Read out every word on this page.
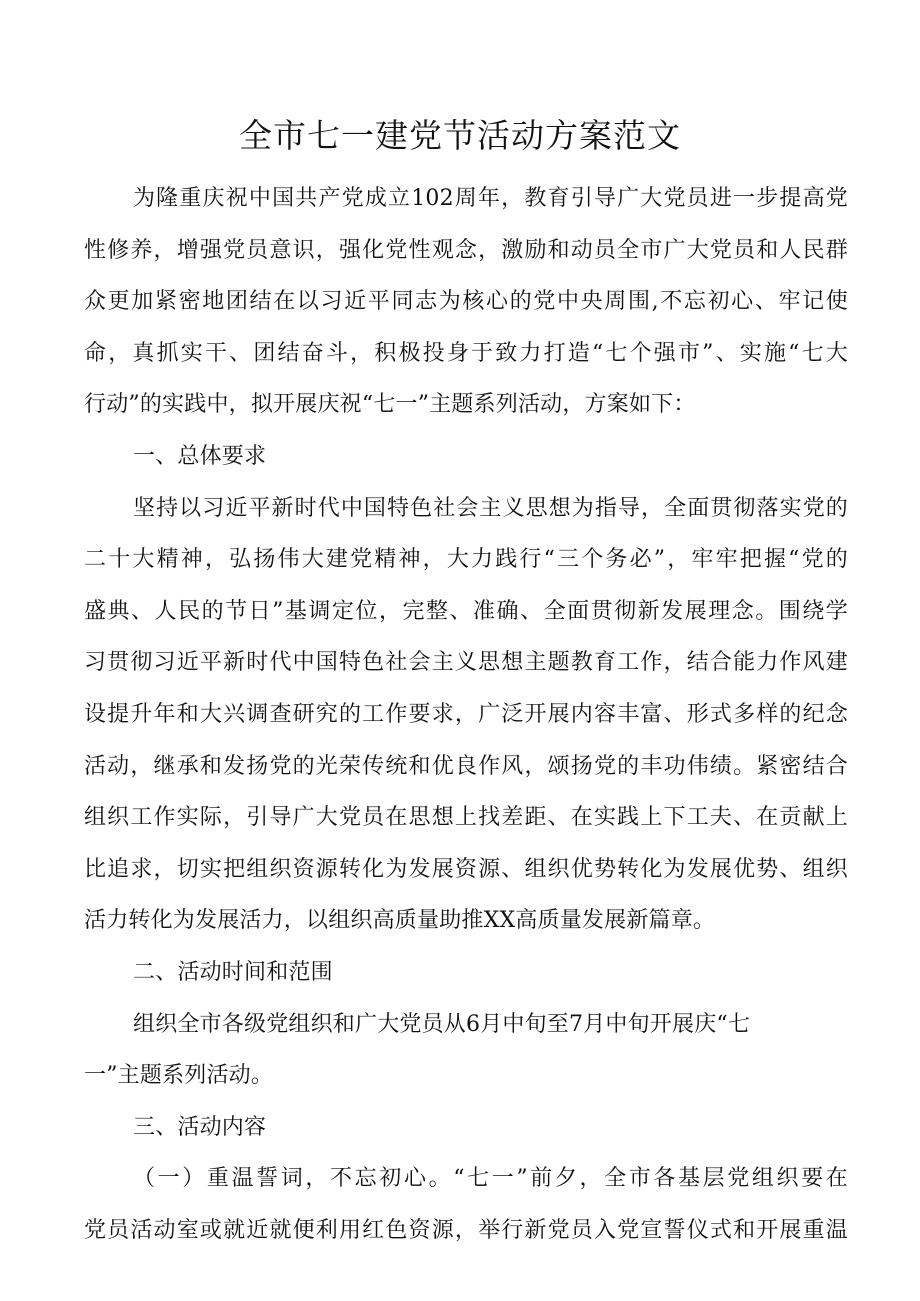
全市七一建党节活动方案范文
为隆重庆祝中国共产党成立102周年，教育引导广大党员进一步提高党
性修养，增强党员意识，强化党性观念，激励和动员全市广大党员和人民群
众更加紧密地团结在以习近平同志为核心的党中央周围,不忘初心、牢记使
命，真抓实干、团结奋斗，积极投身于致力打造“七个强市”、实施“七大
行动”的实践中，拟开展庆祝“七一”主题系列活动，方案如下：
一、总体要求
坚持以习近平新时代中国特色社会主义思想为指导，全面贯彻落实党的
二十大精神，弘扬伟大建党精神，大力践行“三个务必”，牢牢把握“党的
盛典、人民的节日”基调定位，完整、准确、全面贯彻新发展理念。围绕学
习贯彻习近平新时代中国特色社会主义思想主题教育工作，结合能力作风建
设提升年和大兴调查研究的工作要求，广泛开展内容丰富、形式多样的纪念
活动，继承和发扬党的光荣传统和优良作风，颂扬党的丰功伟绩。紧密结合
组织工作实际，引导广大党员在思想上找差距、在实践上下工夫、在贡献上
比追求，切实把组织资源转化为发展资源、组织优势转化为发展优势、组织
活力转化为发展活力，以组织高质量助推XX高质量发展新篇章。
二、活动时间和范围
组织全市各级党组织和广大党员从6月中旬至7月中旬开展庆“七
一”主题系列活动。
三、活动内容
（一）重温誓词，不忘初心。“七一”前夕，全市各基层党组织要在
党员活动室或就近就便利用红色资源，举行新党员入党宣誓仪式和开展重温
